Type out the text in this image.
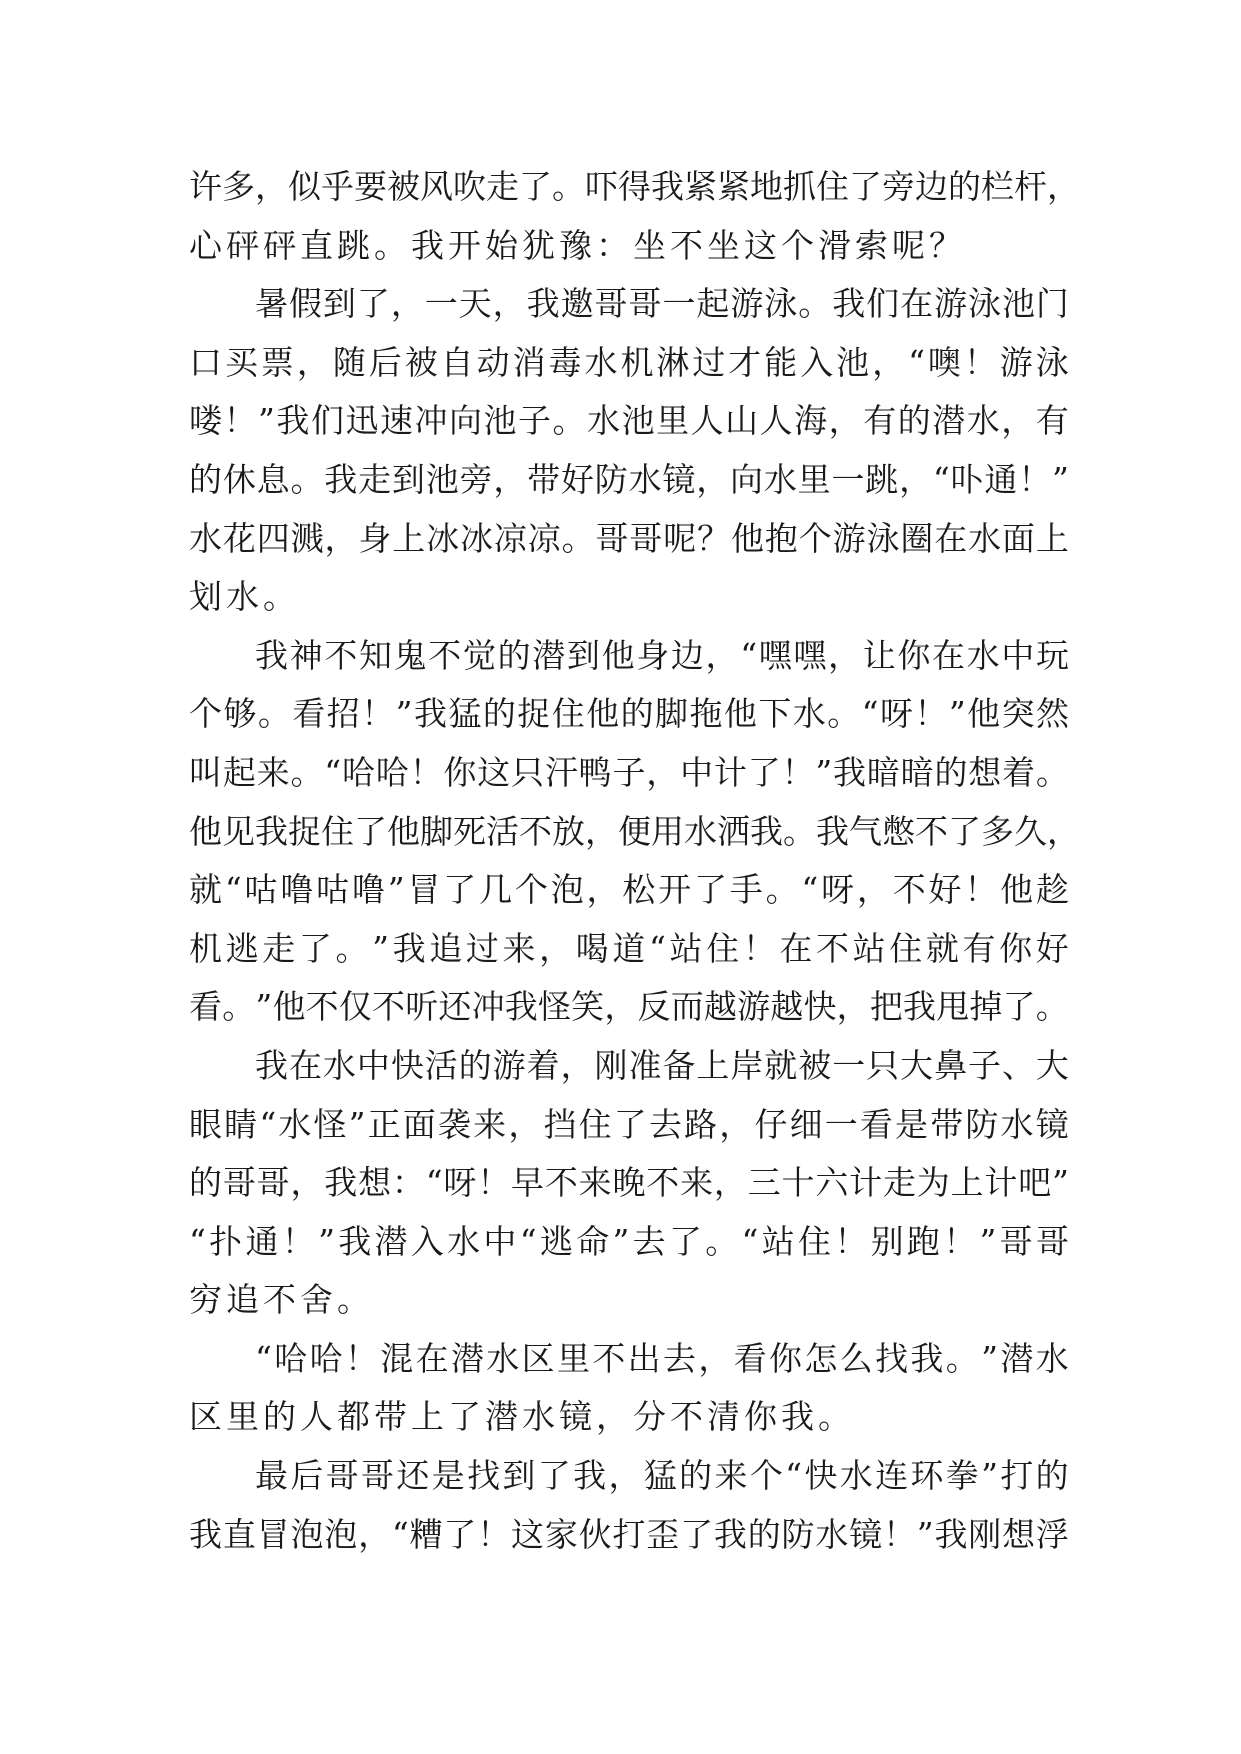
许 多 ， 似 乎 要 被 风 吹 走 了 。 吓 得 我 紧 紧 地 抓 住 了 旁 边 的 栏 杆 ，
心 砰 砰 直 跳 。 我 开 始 犹 豫 ： 坐 不 坐 这 个 滑 索 呢 ？
暑 假 到 了 ， 一 天 ， 我 邀 哥 哥 一 起 游 泳 。 我 们 在 游 泳 池 门
口 买 票 ， 随 后 被 自 动 消 毒 水 机 淋 过 才 能 入 池 ， “ 噢 ！ 游 泳
喽 ！ ” 我 们 迅 速 冲 向 池 子 。 水 池 里 人 山 人 海 ， 有 的 潜 水 ， 有
的 休 息 。 我 走 到 池 旁 ， 带 好 防 水 镜 ， 向 水 里 一 跳 ， “ 卟 通 ！ ”
水 花 四 溅 ， 身 上 冰 冰 凉 凉 。 哥 哥 呢 ？ 他 抱 个 游 泳 圈 在 水 面 上
划 水 。
我 神 不 知 鬼 不 觉 的 潜 到 他 身 边 ， “ 嘿 嘿 ， 让 你 在 水 中 玩
个 够 。 看 招 ！ ” 我 猛 的 捉 住 他 的 脚 拖 他 下 水 。 “ 呀 ！ ” 他 突 然
叫 起 来 。 “ 哈 哈 ！ 你 这 只 汗 鸭 子 ， 中 计 了 ！ ” 我 暗 暗 的 想 着 。
他 见 我 捉 住 了 他 脚 死 活 不 放 ， 便 用 水 洒 我 。 我 气 憋 不 了 多 久 ，
就 “ 咕 噜 咕 噜 ” 冒 了 几 个 泡 ， 松 开 了 手 。 “ 呀 ， 不 好 ！ 他 趁
机 逃 走 了 。 ” 我 追 过 来 ， 喝 道 “ 站 住 ！ 在 不 站 住 就 有 你 好
看 。 ” 他 不 仅 不 听 还 冲 我 怪 笑 ， 反 而 越 游 越 快 ， 把 我 甩 掉 了 。
我 在 水 中 快 活 的 游 着 ， 刚 准 备 上 岸 就 被 一 只 大 鼻 子 、 大
眼 睛 “ 水 怪 ” 正 面 袭 来 ， 挡 住 了 去 路 ， 仔 细 一 看 是 带 防 水 镜
的 哥 哥 ， 我 想 ： “ 呀 ！ 早 不 来 晚 不 来 ， 三 十 六 计 走 为 上 计 吧 ”
“ 扑 通 ！ ” 我 潜 入 水 中 “ 逃 命 ” 去 了 。 “ 站 住 ！ 别 跑 ！ ” 哥 哥
穷 追 不 舍 。
“ 哈 哈 ！ 混 在 潜 水 区 里 不 出 去 ， 看 你 怎 么 找 我 。 ” 潜 水
区 里 的 人 都 带 上 了 潜 水 镜 ， 分 不 清 你 我 。
最 后 哥 哥 还 是 找 到 了 我 ， 猛 的 来 个 “ 快 水 连 环 拳 ” 打 的
我 直 冒 泡 泡 ， “ 糟 了 ！ 这 家 伙 打 歪 了 我 的 防 水 镜 ！ ” 我 刚 想 浮
